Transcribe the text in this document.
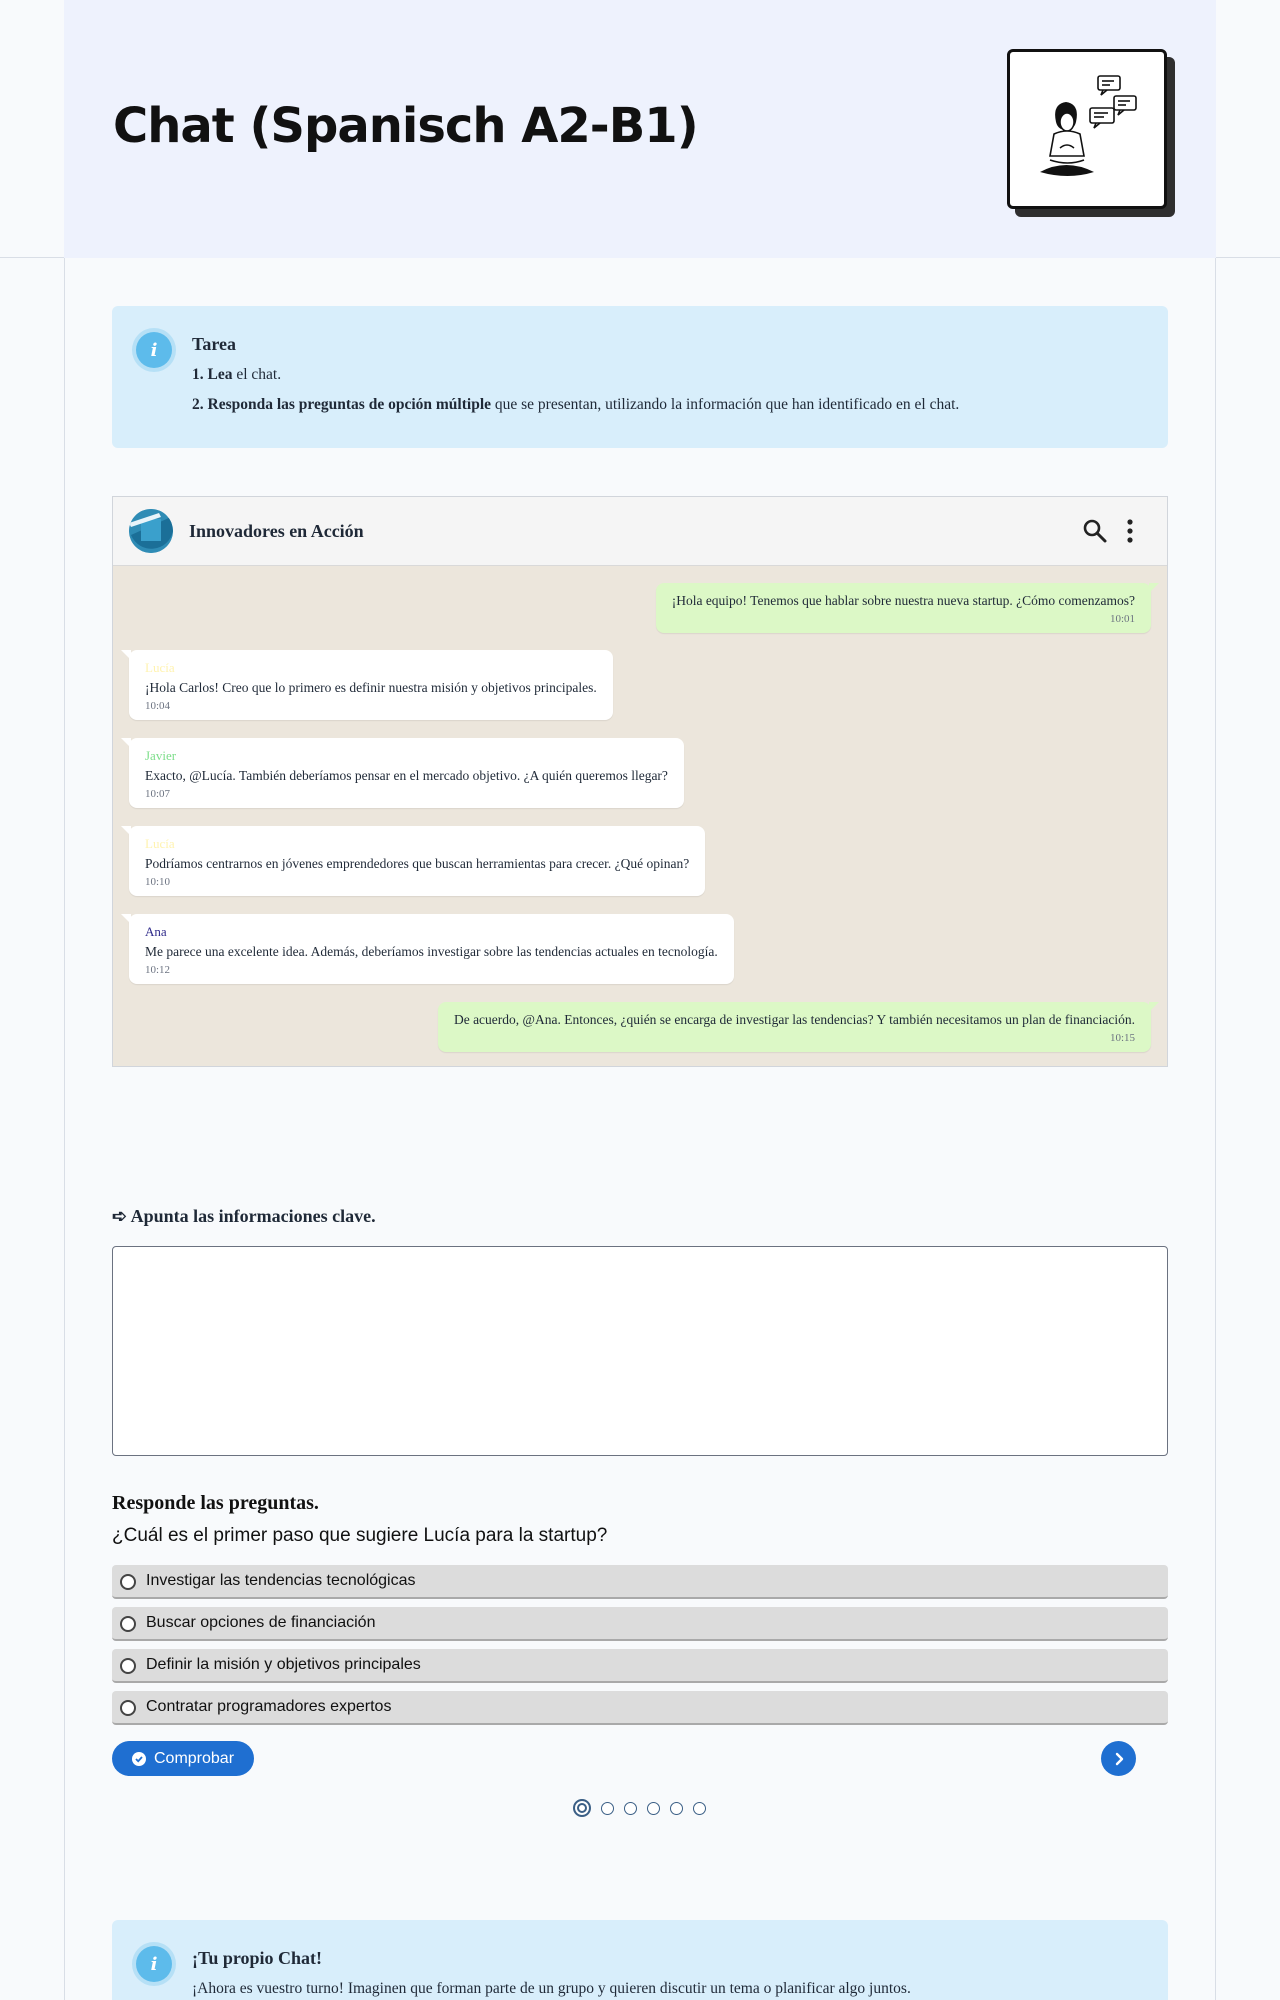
Chat (Spanisch A2-B1)
i	Tarea
1. Lea el chat.
2. Responda las preguntas de opción múltiple que se presentan, utilizando la información que han identificado en el chat.
Innovadores en Acción
¡Hola equipo! Tenemos que hablar sobre nuestra nueva startup. ¿Cómo comenzamos?
10:01
Lucía
¡Hola Carlos! Creo que lo primero es definir nuestra misión y objetivos principales.
10:04
Javier
Exacto, @Lucía. También deberíamos pensar en el mercado objetivo. ¿A quién queremos llegar?
10:07
Lucía
Podríamos centrarnos en jóvenes emprendedores que buscan herramientas para crecer. ¿Qué opinan?
10:10
Ana
Me parece una excelente idea. Además, deberíamos investigar sobre las tendencias actuales en tecnología.
10:12
De acuerdo, @Ana. Entonces, ¿quién se encarga de investigar las tendencias? Y también necesitamos un plan de financiación.
10:15
➪ Apunta las informaciones clave.
Responde las preguntas.
¿Cuál es el primer paso que sugiere Lucía para la startup?
Investigar las tendencias tecnológicas
Buscar opciones de financiación
Definir la misión y objetivos principales
Contratar programadores expertos
Comprobar
i	¡Tu propio Chat!
¡Ahora es vuestro turno! Imaginen que forman parte de un grupo y quieren discutir un tema o planificar algo juntos.
